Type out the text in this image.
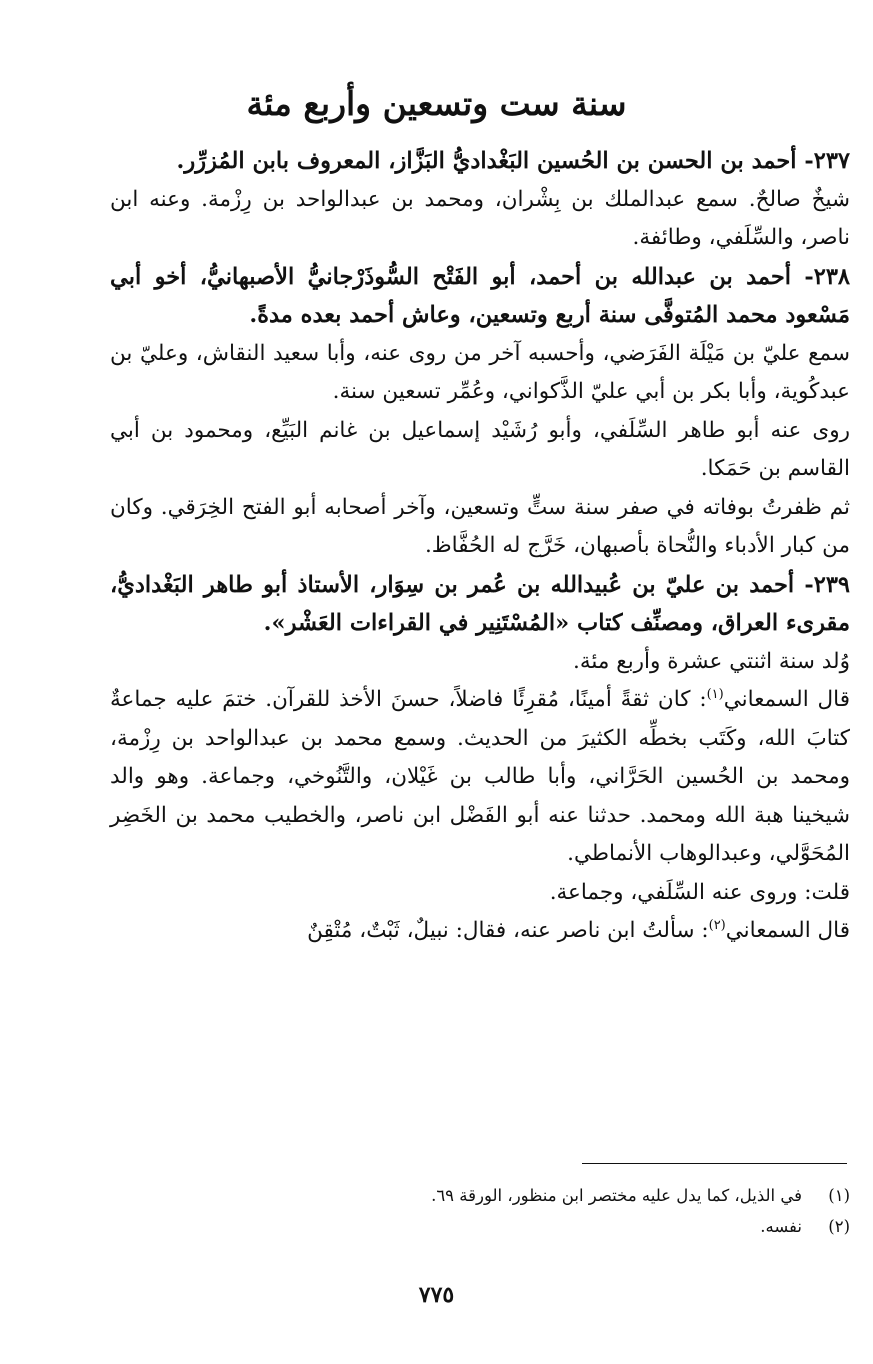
سنة ست وتسعين وأربع مئة

٢٣٧- أحمد بن الحسن بن الحُسين البَغْداديُّ البَزَّاز، المعروف بابن المُزرِّر.

شيخٌ صالحٌ. سمع عبدالملك بن بِشْران، ومحمد بن عبدالواحد بن رِزْمة. وعنه ابن ناصر، والسِّلَفي، وطائفة.

٢٣٨- أحمد بن عبدالله بن أحمد، أبو الفَتْح السُّوذَرْجانيُّ الأصبهانيُّ، أخو أبي مَسْعود محمد المُتوفَّى سنة أربع وتسعين، وعاش أحمد بعده مدةً.

سمع عليّ بن مَيْلَة الفَرَضي، وأحسبه آخر من روى عنه، وأبا سعيد النقاش، وعليّ بن عبدكُوية، وأبا بكر بن أبي عليّ الذَّكواني، وعُمِّر تسعين سنة.

روى عنه أبو طاهر السِّلَفي، وأبو رُشَيْد إسماعيل بن غانم البَيِّع، ومحمود بن أبي القاسم بن حَمَكا.

ثم ظفرتُ بوفاته في صفر سنة ستٍّ وتسعين، وآخر أصحابه أبو الفتح الخِرَقي. وكان من كبار الأدباء والنُّحاة بأصبهان، خَرَّج له الحُفَّاظ.

٢٣٩- أحمد بن عليّ بن عُبيدالله بن عُمر بن سِوَار، الأستاذ أبو طاهر البَغْداديُّ، مقرىء العراق، ومصنِّف كتاب «المُسْتَنِير في القراءات العَشْر».

وُلد سنة اثنتي عشرة وأربع مئة.

قال السمعاني$^{(١)}$: كان ثقةً أمينًا، مُقرِئًا فاضلاً، حسنَ الأخذ للقرآن. ختمَ عليه جماعةٌ كتابَ الله، وكَتَب بخطِّه الكثيرَ من الحديث. وسمع محمد بن عبدالواحد بن رِزْمة، ومحمد بن الحُسين الحَرَّاني، وأبا طالب بن غَيْلان، والتَّنُوخي، وجماعة. وهو والد شيخينا هبة الله ومحمد. حدثنا عنه أبو الفَضْل ابن ناصر، والخطيب محمد بن الخَضِر المُحَوَّلي، وعبدالوهاب الأنماطي.

قلت: وروى عنه السِّلَفي، وجماعة.

قال السمعاني$^{(٢)}$: سألتُ ابن ناصر عنه، فقال: نبيلٌ، ثَبْتٌ، مُتْقِنٌ

(١)
في الذيل، كما يدل عليه مختصر ابن منظور، الورقة ٦٩.
(٢)
نفسه.
٧٧٥
